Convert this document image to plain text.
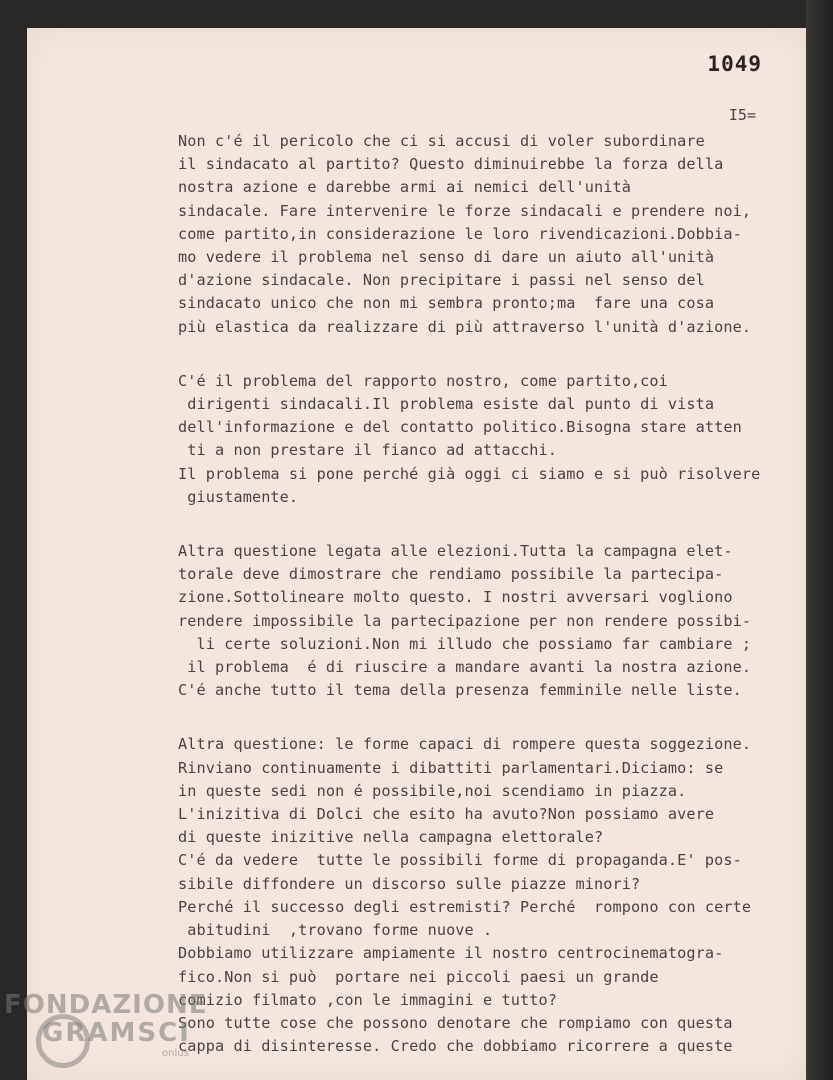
1049
I5=
Non c'é il pericolo che ci si accusi di voler subordinare
il sindacato al partito? Questo diminuirebbe la forza della
nostra azione e darebbe armi ai nemici dell'unità
sindacale. Fare intervenire le forze sindacali e prendere noi,
come partito,in considerazione le loro rivendicazioni.Dobbia-
mo vedere il problema nel senso di dare un aiuto all'unità
d'azione sindacale. Non precipitare i passi nel senso del
sindacato unico che non mi sembra pronto;ma  fare una cosa
più elastica da realizzare di più attraverso l'unità d'azione.
C'é il problema del rapporto nostro, come partito,coi
dirigenti sindacali.Il problema esiste dal punto di vista
dell'informazione e del contatto politico.Bisogna stare atten
ti a non prestare il fianco ad attacchi.
Il problema si pone perché già oggi ci siamo e si può risolvere
giustamente.
Altra questione legata alle elezioni.Tutta la campagna elet-
torale deve dimostrare che rendiamo possibile la partecipa-
zione.Sottolineare molto questo. I nostri avversari vogliono
rendere impossibile la partecipazione per non rendere possibi-
li certe soluzioni.Non mi illudo che possiamo far cambiare ;
il problema  é di riuscire a mandare avanti la nostra azione.
C'é anche tutto il tema della presenza femminile nelle liste.
Altra questione: le forme capaci di rompere questa soggezione.
Rinviano continuamente i dibattiti parlamentari.Diciamo: se
in queste sedi non é possibile,noi scendiamo in piazza.
L'inizitiva di Dolci che esito ha avuto?Non possiamo avere
di queste inizitive nella campagna elettorale?
C'é da vedere  tutte le possibili forme di propaganda.E' pos-
sibile diffondere un discorso sulle piazze minori?
Perché il successo degli estremisti? Perché  rompono con certe
abitudini  ,trovano forme nuove .
Dobbiamo utilizzare ampiamente il nostro centrocinematogra-
fico.Non si può  portare nei piccoli paesi un grande
comizio filmato ,con le immagini e tutto?
Sono tutte cose che possono denotare che rompiamo con questa
cappa di disinteresse. Credo che dobbiamo ricorrere a queste
FONDAZIONE
GRAMSCI
onlus
